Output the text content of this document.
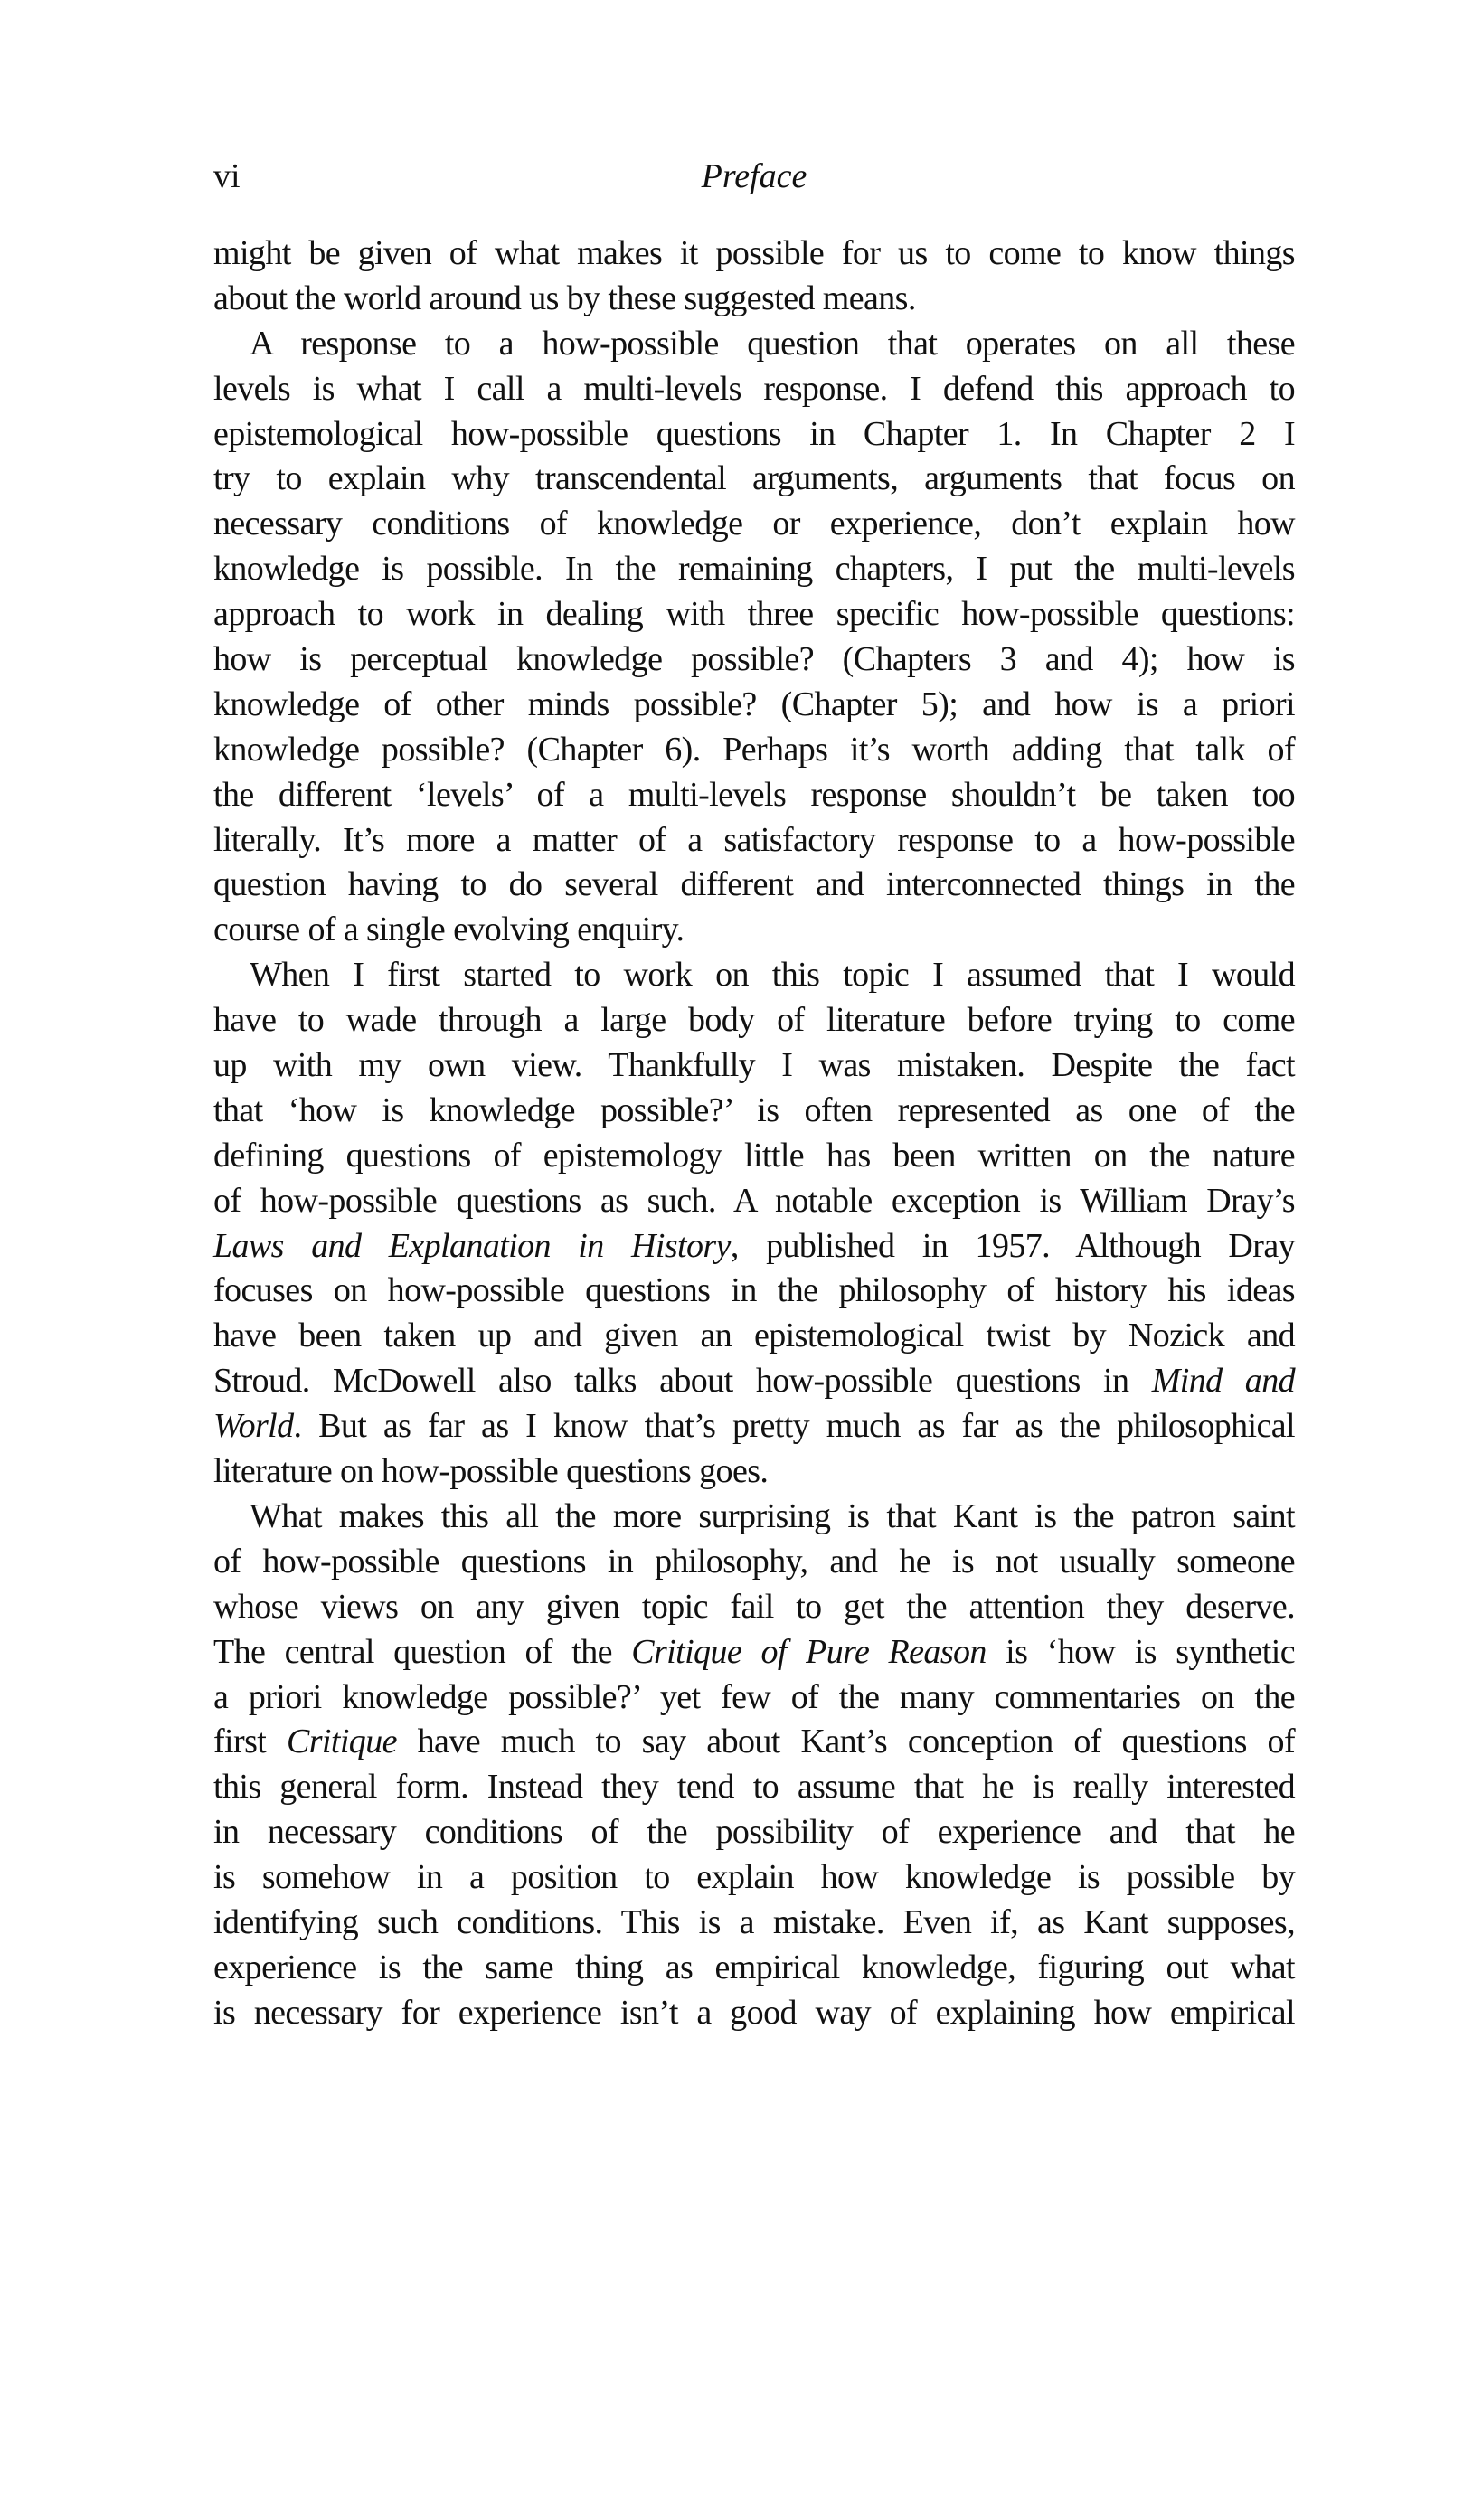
vi	Preface
might be given of what makes it possible for us to come to know things
about the world around us by these suggested means.
A response to a how-possible question that operates on all these
levels is what I call a multi-levels response. I defend this approach to
epistemological how-possible questions in Chapter 1. In Chapter 2 I
try to explain why transcendental arguments, arguments that focus on
necessary conditions of knowledge or experience, don’t explain how
knowledge is possible. In the remaining chapters, I put the multi-levels
approach to work in dealing with three specific how-possible questions:
how is perceptual knowledge possible? (Chapters 3 and 4); how is
knowledge of other minds possible? (Chapter 5); and how is a priori
knowledge possible? (Chapter 6). Perhaps it’s worth adding that talk of
the different ‘levels’ of a multi-levels response shouldn’t be taken too
literally. It’s more a matter of a satisfactory response to a how-possible
question having to do several different and interconnected things in the
course of a single evolving enquiry.
When I first started to work on this topic I assumed that I would
have to wade through a large body of literature before trying to come
up with my own view. Thankfully I was mistaken. Despite the fact
that ‘how is knowledge possible?’ is often represented as one of the
defining questions of epistemology little has been written on the nature
of how-possible questions as such. A notable exception is William Dray’s
Laws and Explanation in History, published in 1957. Although Dray
focuses on how-possible questions in the philosophy of history his ideas
have been taken up and given an epistemological twist by Nozick and
Stroud. McDowell also talks about how-possible questions in Mind and
World. But as far as I know that’s pretty much as far as the philosophical
literature on how-possible questions goes.
What makes this all the more surprising is that Kant is the patron saint
of how-possible questions in philosophy, and he is not usually someone
whose views on any given topic fail to get the attention they deserve.
The central question of the Critique of Pure Reason is ‘how is synthetic
a priori knowledge possible?’ yet few of the many commentaries on the
first Critique have much to say about Kant’s conception of questions of
this general form. Instead they tend to assume that he is really interested
in necessary conditions of the possibility of experience and that he
is somehow in a position to explain how knowledge is possible by
identifying such conditions. This is a mistake. Even if, as Kant supposes,
experience is the same thing as empirical knowledge, figuring out what
is necessary for experience isn’t a good way of explaining how empirical
